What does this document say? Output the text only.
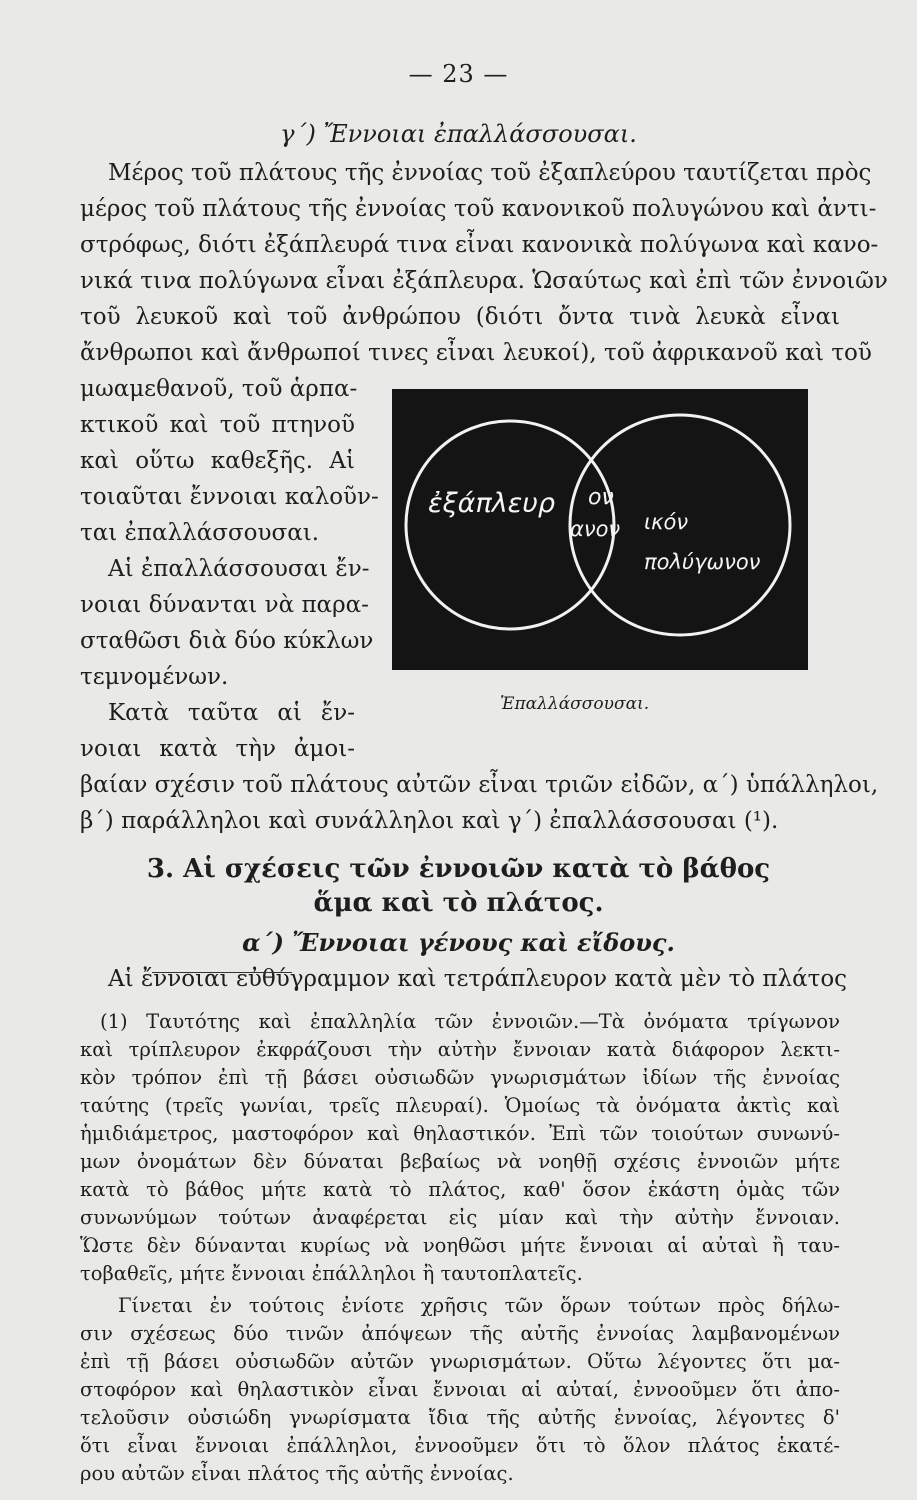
— 23 —
γ΄) Ἔννοιαι ἐπαλλάσσουσαι.
Μέρος τοῦ πλάτους τῆς ἐννοίας τοῦ ἐξαπλεύρου ταυτίζεται πρὸς
μέρος τοῦ πλάτους τῆς ἐννοίας τοῦ κανονικοῦ πολυγώνου καὶ ἀντι-
στρόφως, διότι ἐξάπλευρά τινα εἶναι κανονικὰ πολύγωνα καὶ κανο-
νικά τινα πολύγωνα εἶναι ἐξάπλευρα. Ὡσαύτως καὶ ἐπὶ τῶν ἐννοιῶν
τοῦ λευκοῦ καὶ τοῦ ἀνθρώπου (διότι ὄντα τινὰ λευκὰ εἶναι
ἄνθρωποι καὶ ἄνθρωποί τινες εἶναι λευκοί), τοῦ ἀφρικανοῦ καὶ τοῦ
μωαμεθανοῦ, τοῦ ἁρπα-
κτικοῦ καὶ τοῦ πτηνοῦ
καὶ οὕτω καθεξῆς. Αἱ
τοιαῦται ἔννοιαι καλοῦν-
ται ἐπαλλάσσουσαι.
Αἱ ἐπαλλάσσουσαι ἔν-
νοιαι δύνανται νὰ παρα-
σταθῶσι διὰ δύο κύκλων
τεμνομένων.
Κατὰ ταῦτα αἱ ἔν-
νοιαι κατὰ τὴν ἀμοι-
ἐξάπλευρ ον
ανον ικόν
πολύγωνον
Ἐπαλλάσσουσαι.
βαίαν σχέσιν τοῦ πλάτους αὐτῶν εἶναι τριῶν εἰδῶν, α΄) ὑπάλληλοι,
β΄) παράλληλοι καὶ συνάλληλοι καὶ γ΄) ἐπαλλάσσουσαι (¹).
3. Αἱ σχέσεις τῶν ἐννοιῶν κατὰ τὸ βάθος
ἅμα καὶ τὸ πλάτος.
α΄) Ἔννοιαι γένους καὶ εἴδους.
Αἱ ἔννοιαι εὐθύγραμμον καὶ τετράπλευρον κατὰ μὲν τὸ πλάτος
(1) Ταυτότης καὶ ἐπαλληλία τῶν ἐννοιῶν.—Τὰ ὀνόματα τρίγωνον
καὶ τρίπλευρον ἐκφράζουσι τὴν αὐτὴν ἔννοιαν κατὰ διάφορον λεκτι-
κὸν τρόπον ἐπὶ τῇ βάσει οὐσιωδῶν γνωρισμάτων ἰδίων τῆς ἐννοίας
ταύτης (τρεῖς γωνίαι, τρεῖς πλευραί). Ὁμοίως τὰ ὀνόματα ἀκτὶς καὶ
ἡμιδιάμετρος, μαστοφόρον καὶ θηλαστικόν. Ἐπὶ τῶν τοιούτων συνωνύ-
μων ὀνομάτων δὲν δύναται βεβαίως νὰ νοηθῇ σχέσις ἐννοιῶν μήτε
κατὰ τὸ βάθος μήτε κατὰ τὸ πλάτος, καθ' ὅσον ἑκάστη ὁμὰς τῶν
συνωνύμων τούτων ἀναφέρεται εἰς μίαν καὶ τὴν αὐτὴν ἔννοιαν.
Ὥστε δὲν δύνανται κυρίως νὰ νοηθῶσι μήτε ἔννοιαι αἱ αὐταὶ ἢ ταυ-
τοβαθεῖς, μήτε ἔννοιαι ἐπάλληλοι ἢ ταυτοπλατεῖς.
Γίνεται ἐν τούτοις ἐνίοτε χρῆσις τῶν ὅρων τούτων πρὸς δήλω-
σιν σχέσεως δύο τινῶν ἀπόψεων τῆς αὐτῆς ἐννοίας λαμβανομένων
ἐπὶ τῇ βάσει οὐσιωδῶν αὐτῶν γνωρισμάτων. Οὕτω λέγοντες ὅτι μα-
στοφόρον καὶ θηλαστικὸν εἶναι ἔννοιαι αἱ αὐταί, ἐννοοῦμεν ὅτι ἀπο-
τελοῦσιν οὐσιώδη γνωρίσματα ἴδια τῆς αὐτῆς ἐννοίας, λέγοντες δ'
ὅτι εἶναι ἔννοιαι ἐπάλληλοι, ἐννοοῦμεν ὅτι τὸ ὅλον πλάτος ἑκατέ-
ρου αὐτῶν εἶναι πλάτος τῆς αὐτῆς ἐννοίας.
